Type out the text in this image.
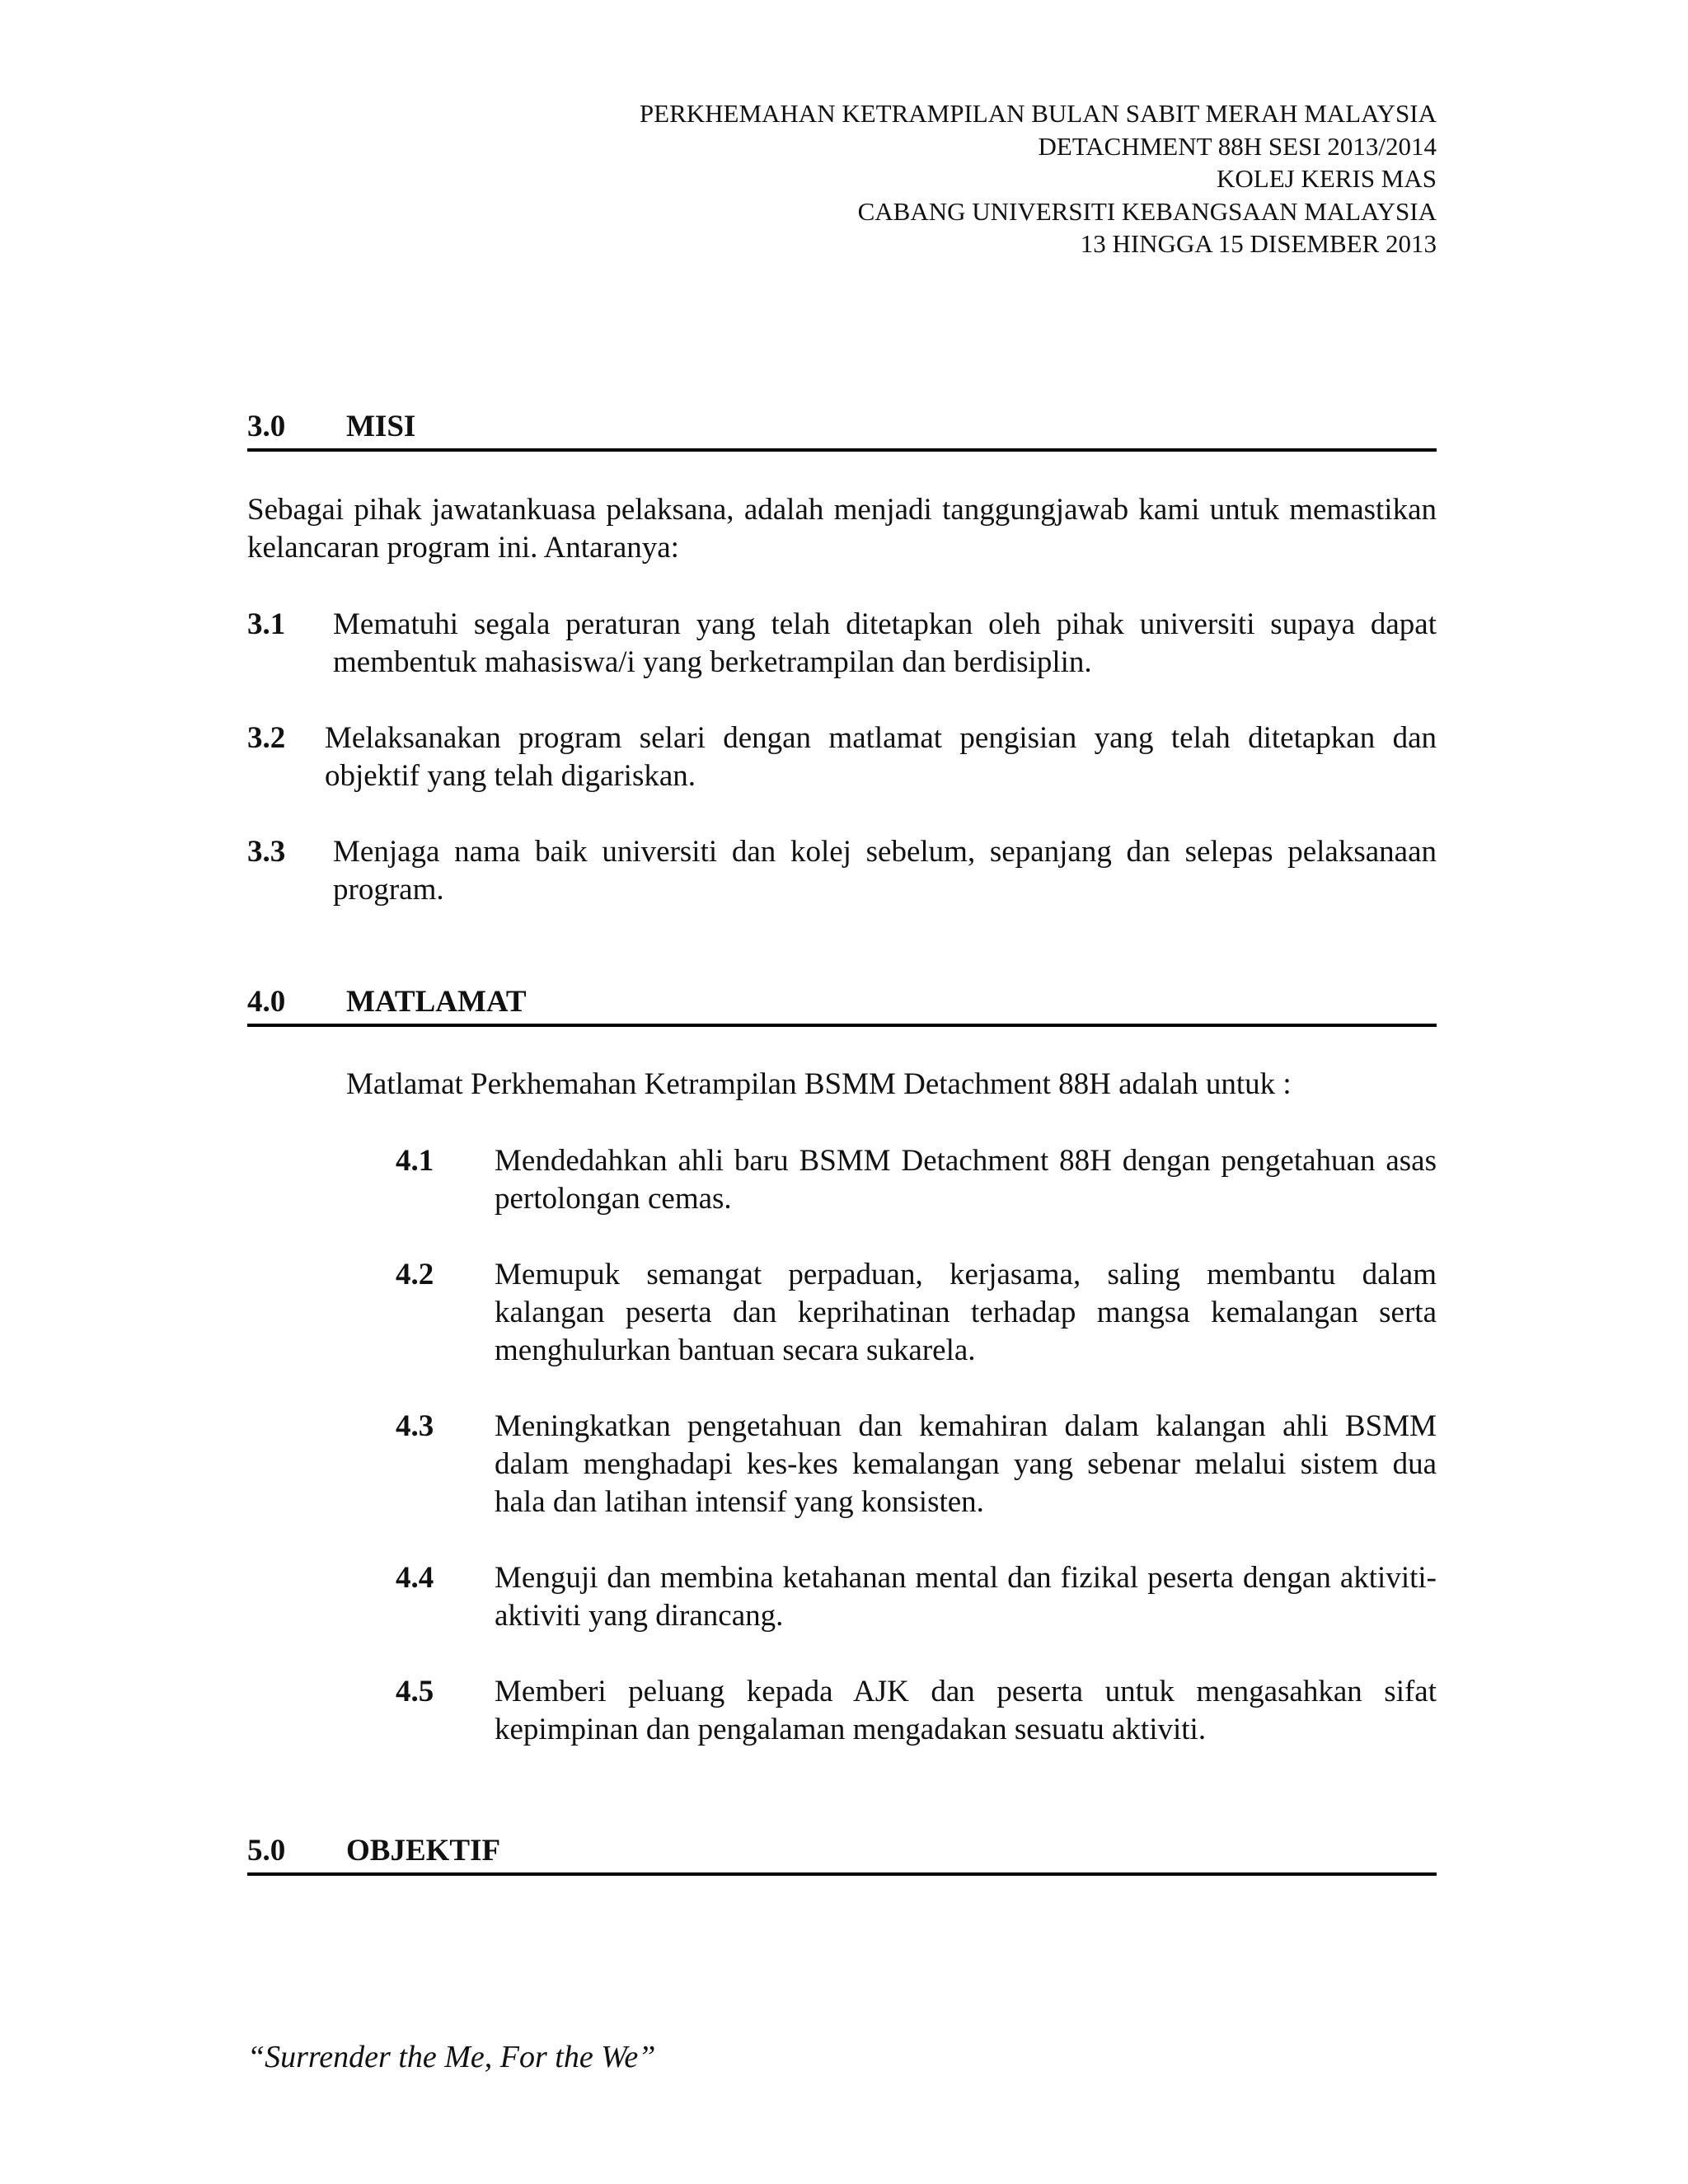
PERKHEMAHAN KETRAMPILAN BULAN SABIT MERAH MALAYSIA
DETACHMENT 88H SESI 2013/2014
KOLEJ KERIS MAS
CABANG UNIVERSITI KEBANGSAAN MALAYSIA
13 HINGGA 15 DISEMBER 2013
3.0 MISI
Sebagai pihak jawatankuasa pelaksana, adalah menjadi tanggungjawab kami untuk memastikan kelancaran program ini. Antaranya:
3.1 Mematuhi segala peraturan yang telah ditetapkan oleh pihak universiti supaya dapat membentuk mahasiswa/i yang berketrampilan dan berdisiplin.
3.2 Melaksanakan program selari dengan matlamat pengisian yang telah ditetapkan dan objektif yang telah digariskan.
3.3 Menjaga nama baik universiti dan kolej sebelum, sepanjang dan selepas pelaksanaan program.
4.0 MATLAMAT
Matlamat Perkhemahan Ketrampilan BSMM Detachment 88H adalah untuk :
4.1 Mendedahkan ahli baru BSMM Detachment 88H dengan pengetahuan asas pertolongan cemas.
4.2 Memupuk semangat perpaduan, kerjasama, saling membantu dalam kalangan peserta dan keprihatinan terhadap mangsa kemalangan serta menghulurkan bantuan secara sukarela.
4.3 Meningkatkan pengetahuan dan kemahiran dalam kalangan ahli BSMM dalam menghadapi kes-kes kemalangan yang sebenar melalui sistem dua hala dan latihan intensif yang konsisten.
4.4 Menguji dan membina ketahanan mental dan fizikal peserta dengan aktiviti-aktiviti yang dirancang.
4.5 Memberi peluang kepada AJK dan peserta untuk mengasahkan sifat kepimpinan dan pengalaman mengadakan sesuatu aktiviti.
5.0 OBJEKTIF
“Surrender the Me, For the We”
